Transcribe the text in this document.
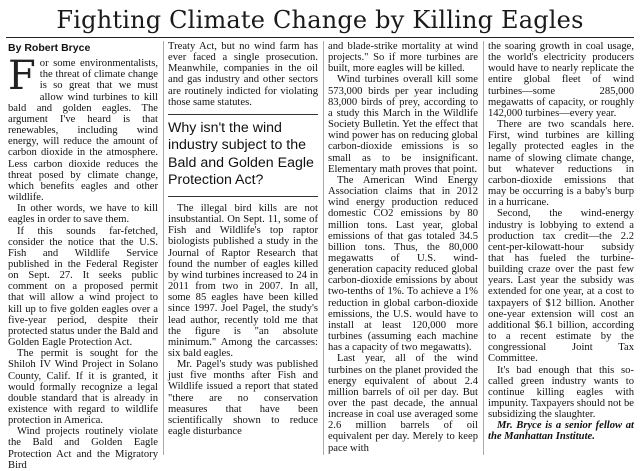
Fighting Climate Change by Killing Eagles
By Robert Bryce

For some environmentalists, the threat of climate change is so great that we must allow wind turbines to kill bald and golden eagles. The argument I've heard is that renewables, including wind energy, will reduce the amount of carbon dioxide in the atmosphere. Less carbon dioxide reduces the threat posed by climate change, which benefits eagles and other wildlife.

In other words, we have to kill eagles in order to save them.

If this sounds far-fetched, consider the notice that the U.S. Fish and Wildlife Service published in the Federal Register on Sept. 27. It seeks public comment on a proposed permit that will allow a wind project to kill up to five golden eagles over a five-year period, despite their protected status under the Bald and Golden Eagle Protection Act.

The permit is sought for the Shiloh IV Wind Project in Solano County, Calif. If it is granted, it would formally recognize a legal double standard that is already in existence with regard to wildlife protection in America.

Wind projects routinely violate the Bald and Golden Eagle Protection Act and the Migratory Bird

Treaty Act, but no wind farm has ever faced a single prosecution. Meanwhile, companies in the oil and gas industry and other sectors are routinely indicted for violating those same statutes.

Why isn't the wind industry subject to the Bald and Golden Eagle Protection Act?

The illegal bird kills are not insubstantial. On Sept. 11, some of Fish and Wildlife's top raptor biologists published a study in the Journal of Raptor Research that found the number of eagles killed by wind turbines increased to 24 in 2011 from two in 2007. In all, some 85 eagles have been killed since 1997. Joel Pagel, the study's lead author, recently told me that the figure is "an absolute minimum." Among the carcasses: six bald eagles.

Mr. Pagel's study was published just five months after Fish and Wildlife issued a report that stated "there are no conservation measures that have been scientifically shown to reduce eagle disturbance

and blade-strike mortality at wind projects." So if more turbines are built, more eagles will be killed.

Wind turbines overall kill some 573,000 birds per year including 83,000 birds of prey, according to a study this March in the Wildlife Society Bulletin. Yet the effect that wind power has on reducing global carbon-dioxide emissions is so small as to be insignificant. Elementary math proves that point.

The American Wind Energy Association claims that in 2012 wind energy production reduced domestic CO2 emissions by 80 million tons. Last year, global emissions of that gas totaled 34.5 billion tons. Thus, the 80,000 megawatts of U.S. wind-generation capacity reduced global carbon-dioxide emissions by about two-tenths of 1%. To achieve a 1% reduction in global carbon-dioxide emissions, the U.S. would have to install at least 120,000 more turbines (assuming each machine has a capacity of two megawatts).

Last year, all of the wind turbines on the planet provided the energy equivalent of about 2.4 million barrels of oil per day. But over the past decade, the annual increase in coal use averaged some 2.6 million barrels of oil equivalent per day. Merely to keep pace with

the soaring growth in coal usage, the world's electricity producers would have to nearly replicate the entire global fleet of wind turbines—some 285,000 megawatts of capacity, or roughly 142,000 turbines—every year.

There are two scandals here. First, wind turbines are killing legally protected eagles in the name of slowing climate change, but whatever reductions in carbon-dioxide emissions that may be occurring is a baby's burp in a hurricane.

Second, the wind-energy industry is lobbying to extend a production tax credit—the 2.2 cent-per-kilowatt-hour subsidy that has fueled the turbine-building craze over the past few years. Last year the subsidy was extended for one year, at a cost to taxpayers of $12 billion. Another one-year extension will cost an additional $6.1 billion, according to a recent estimate by the congressional Joint Tax Committee.

It's bad enough that this so-called green industry wants to continue killing eagles with impunity. Taxpayers should not be subsidizing the slaughter.

Mr. Bryce is a senior fellow at the Manhattan Institute.
